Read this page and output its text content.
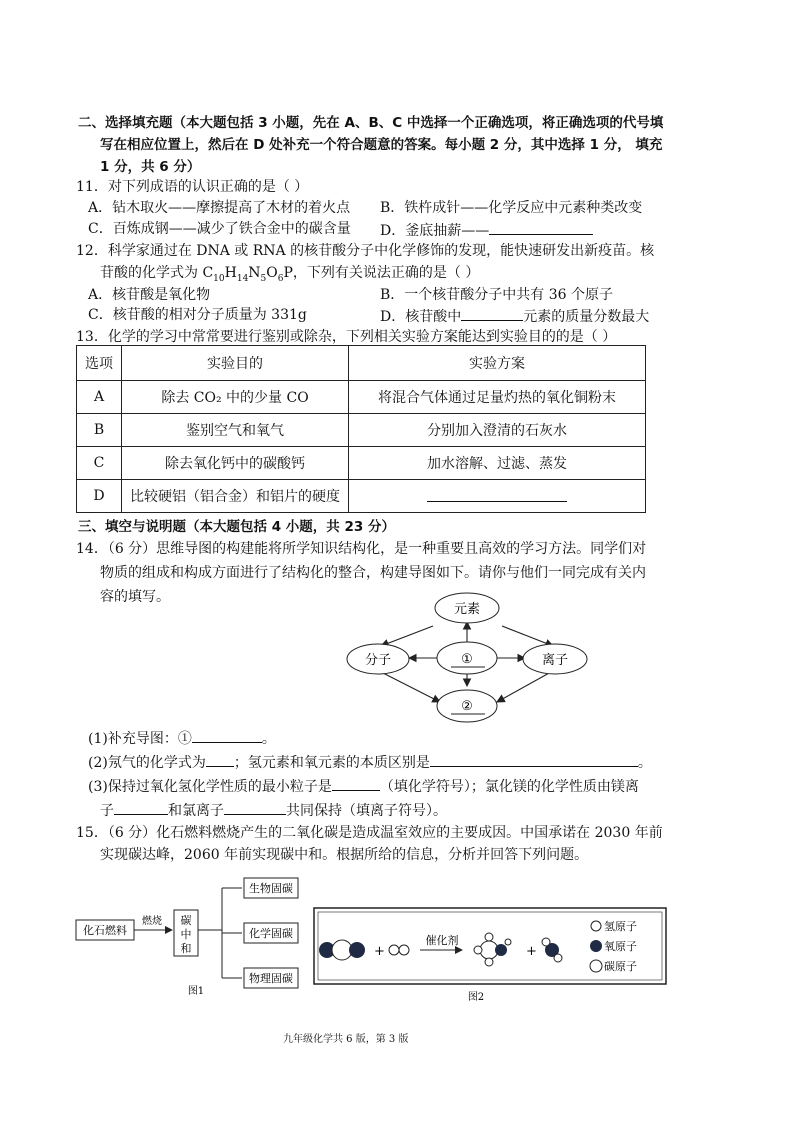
二、选择填充题（本大题包括 3 小题，先在 A、B、C 中选择一个正确选项，将正确选项的代号填
写在相应位置上，然后在 D 处补充一个符合题意的答案。每小题 2 分，其中选择 1 分， 填充
1 分，共 6 分）
11．对下列成语的认识正确的是（ ）
A．钻木取火——摩擦提高了木材的着火点 B．铁杵成针——化学反应中元素种类改变
C．百炼成钢——减少了铁合金中的碳含量 D．釜底抽薪——
12．科学家通过在 DNA 或 RNA 的核苷酸分子中化学修饰的发现，能快速研发出新疫苗。核
苷酸的化学式为 $C_{10}H_{14}N_5O_6P$，下列有关说法正确的是（ ）
A．核苷酸是氧化物	B．一个核苷酸分子中共有 36 个原子
C．核苷酸的相对分子质量为 331g	D．核苷酸中	元素的质量分数最大
13．化学的学习中常常要进行鉴别或除杂，下列相关实验方案能达到实验目的的是（ ）
选项	实验目的	实验方案
A	除去 CO₂ 中的少量 CO	将混合气体通过足量灼热的氧化铜粉末
B	鉴别空气和氧气	分别加入澄清的石灰水
C	除去氧化钙中的碳酸钙	加水溶解、过滤、蒸发
D	比较硬铝（铝合金）和铝片的硬度	
三、填空与说明题（本大题包括 4 小题，共 23 分）
14．（6 分）思维导图的构建能将所学知识结构化，是一种重要且高效的学习方法。同学们对
物质的组成和构成方面进行了结构化的整合，构建导图如下。请你与他们一同完成有关内
容的填写。
元素
分子	①	离子
②
(1)补充导图：①	。
(2)氖气的化学式为 ；氢元素和氧元素的本质区别是	。
(3)保持过氧化氢化学性质的最小粒子是	（填化学符号）；氯化镁的化学性质由镁离
子	和氯离子	共同保持（填离子符号）。
15．（6 分）化石燃料燃烧产生的二氧化碳是造成温室效应的主要成因。中国承诺在 2030 年前
实现碳达峰，2060 年前实现碳中和。根据所给的信息，分析并回答下列问题。
化石燃料
燃烧 碳
中
和
生物固碳
化学固碳
物理固碳
图1
+
催化剂
+
氢原子
氧原子
碳原子
图2
九年级化学共 6 版，第 3 版
